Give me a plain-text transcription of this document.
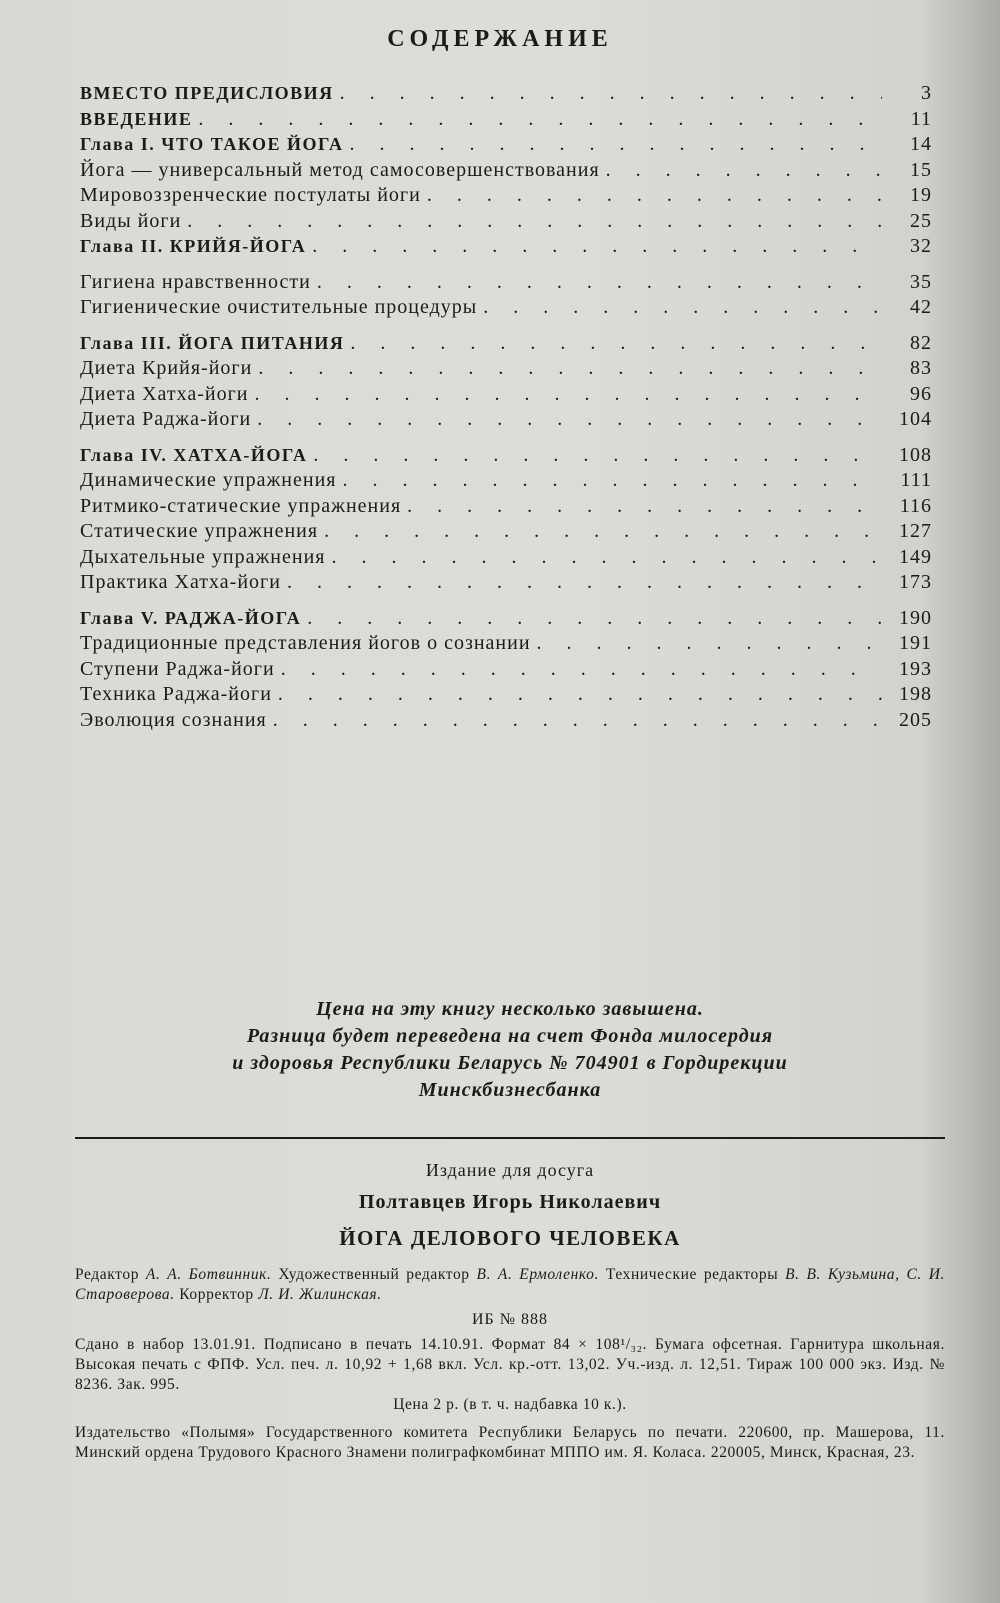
СОДЕРЖАНИЕ
ВМЕСТО ПРЕДИСЛОВИЯ . . .	3
ВВЕДЕНИЕ . . .	11
Глава I. ЧТО ТАКОЕ ЙОГА . . .	14
Йога — универсальный метод самосовершенствования . . .	15
Мировоззренческие постулаты йоги . . .	19
Виды йоги . . .	25
Глава II. КРИЙЯ-ЙОГА . . .	32
Гигиена нравственности . . .	35
Гигиенические очистительные процедуры . . .	42
Глава III. ЙОГА ПИТАНИЯ . . .	82
Диета Крийя-йоги . . .	83
Диета Хатха-йоги . . .	96
Диета Раджа-йоги . . .	104
Глава IV. ХАТХА-ЙОГА . . .	108
Динамические упражнения . . .	111
Ритмико-статические упражнения . . .	116
Статические упражнения . . .	127
Дыхательные упражнения . . .	149
Практика Хатха-йоги . . .	173
Глава V. РАДЖА-ЙОГА . . .	190
Традиционные представления йогов о сознании . . .	191
Ступени Раджа-йоги . . .	193
Техника Раджа-йоги . . .	198
Эволюция сознания . . .	205
Цена на эту книгу несколько завышена.
Разница будет переведена на счет Фонда милосердия
и здоровья Республики Беларусь № 704901 в Гордирекции
Минскбизнесбанка
Издание для досуга
Полтавцев Игорь Николаевич
ЙОГА ДЕЛОВОГО ЧЕЛОВЕКА
Редактор А. А. Ботвинник. Художественный редактор В. А. Ермоленко. Технические редакторы В. В. Кузьмина, С. И. Староверова. Корректор Л. И. Жилинская.
ИБ № 888
Сдано в набор 13.01.91. Подписано в печать 14.10.91. Формат 84 × 108¹/₃₂. Бумага офсетная. Гарнитура школьная. Высокая печать с ФПФ. Усл. печ. л. 10,92 + 1,68 вкл. Усл. кр.-отт. 13,02. Уч.-изд. л. 12,51. Тираж 100 000 экз. Изд. № 8236. Зак. 995.
Цена 2 р. (в т. ч. надбавка 10 к.).
Издательство «Полымя» Государственного комитета Республики Беларусь по печати. 220600, пр. Машерова, 11. Минский ордена Трудового Красного Знамени полиграфкомбинат МППО им. Я. Коласа. 220005, Минск, Красная, 23.
